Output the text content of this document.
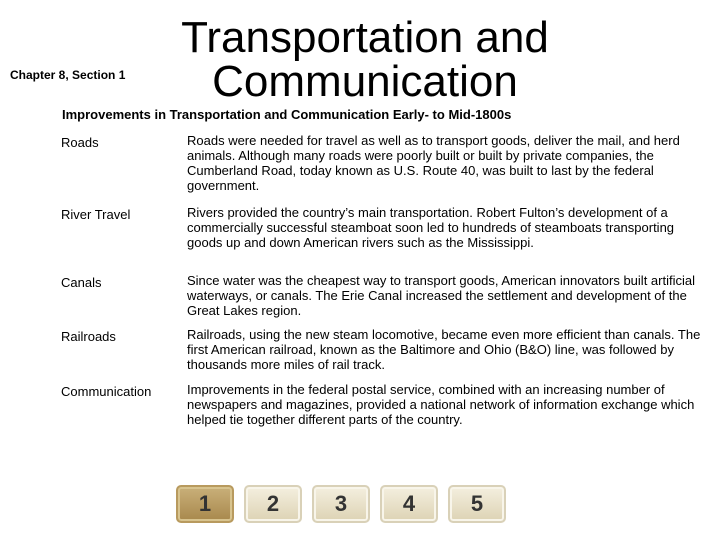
Chapter 8, Section 1
Transportation and
Communication
Improvements in Transportation and Communication Early- to Mid-1800s
Roads	Roads were needed for travel as well as to transport goods, deliver the mail, and herd animals. Although many roads were poorly built or built by private companies, the Cumberland Road, today known as U.S. Route 40, was built to last by the federal government.
River Travel	Rivers provided the country’s main transportation. Robert Fulton’s development of a commercially successful steamboat soon led to hundreds of steamboats transporting goods up and down American rivers such as the Mississippi.
Canals	Since water was the cheapest way to transport goods, American innovators built artificial waterways, or canals. The Erie Canal increased the settlement and development of the Great Lakes region.
Railroads	Railroads, using the new steam locomotive, became even more efficient than canals. The first American railroad, known as the Baltimore and Ohio (B&O) line, was followed by thousands more miles of rail track.
Communication	Improvements in the federal postal service, combined with an increasing number of newspapers and magazines, provided a national network of information exchange which helped tie together different parts of the country.
1	2	3	4	5
